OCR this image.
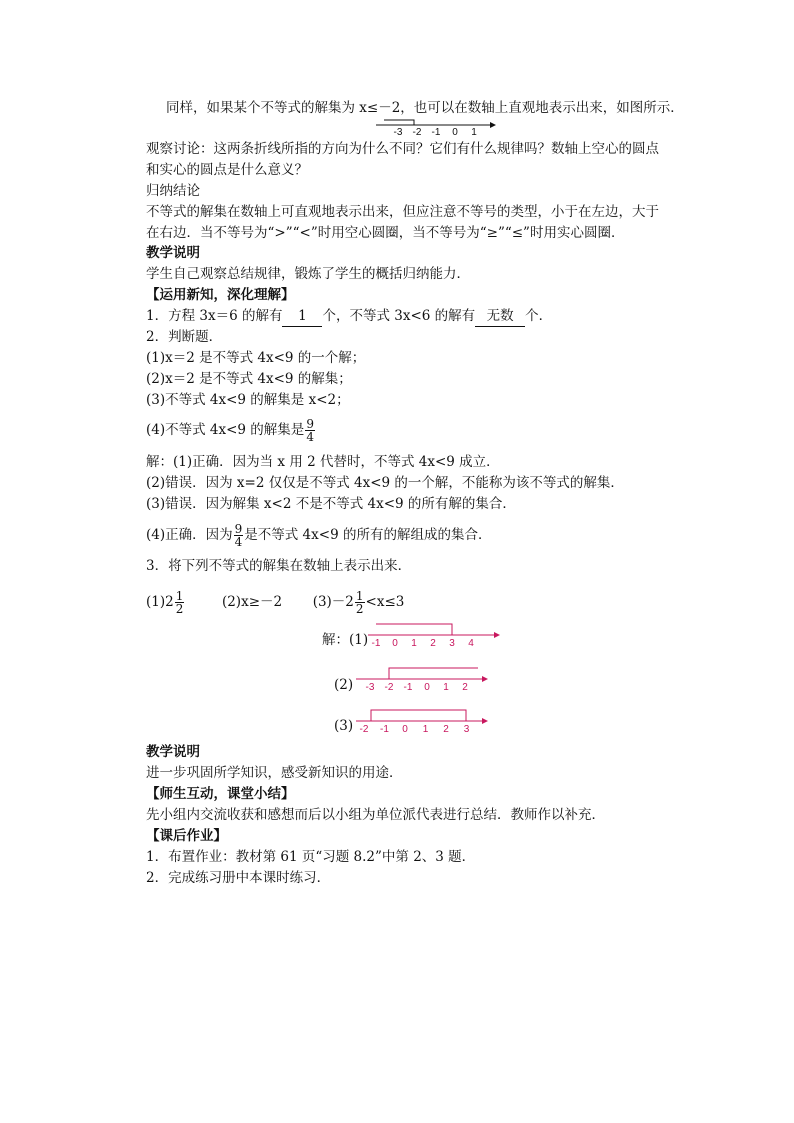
同样，如果某个不等式的解集为 x≤－2，也可以在数轴上直观地表示出来，如图所示．
-3 -2 -1 0 1
观察讨论：这两条折线所指的方向为什么不同？它们有什么规律吗？数轴上空心的圆点
和实心的圆点是什么意义？
归纳结论
不等式的解集在数轴上可直观地表示出来，但应注意不等号的类型，小于在左边，大于
在右边．当不等号为“>”“<”时用空心圆圈，当不等号为“≥”“≤”时用实心圆圈．
教学说明
学生自己观察总结规律，锻炼了学生的概括归纳能力．
【运用新知，深化理解】
1．方程 3x＝6 的解有 1 个，不等式 3x<6 的解有 无数 个．
2．判断题．
(1)x＝2 是不等式 4x<9 的一个解；
(2)x＝2 是不等式 4x<9 的解集；
(3)不等式 4x<9 的解集是 x<2；
(4)不等式 4x<9 的解集是 $\frac{9}{4}$
解：(1)正确．因为当 x 用 2 代替时，不等式 4x<9 成立．
(2)错误．因为 x=2 仅仅是不等式 4x<9 的一个解，不能称为该不等式的解集．
(3)错误．因为解集 x<2 不是不等式 4x<9 的所有解的集合．
(4)正确．因为 $\frac{9}{4}$ 是不等式 4x<9 的所有的解组成的集合．
3．将下列不等式的解集在数轴上表示出来．
$(1)2 \frac{1}{2}$	(2)x≥－2 $(3)-2 \frac{1}{2} <x\le 3$
解：(1) -1 0 1 2 3 4
(2) -3 -2 -1 0 1 2
(3) -2 -1 0 1 2 3
教学说明
进一步巩固所学知识，感受新知识的用途．
【师生互动，课堂小结】
先小组内交流收获和感想而后以小组为单位派代表进行总结．教师作以补充．
【课后作业】
1．布置作业：教材第 61 页“习题 8.2”中第 2、3 题．
2．完成练习册中本课时练习．
